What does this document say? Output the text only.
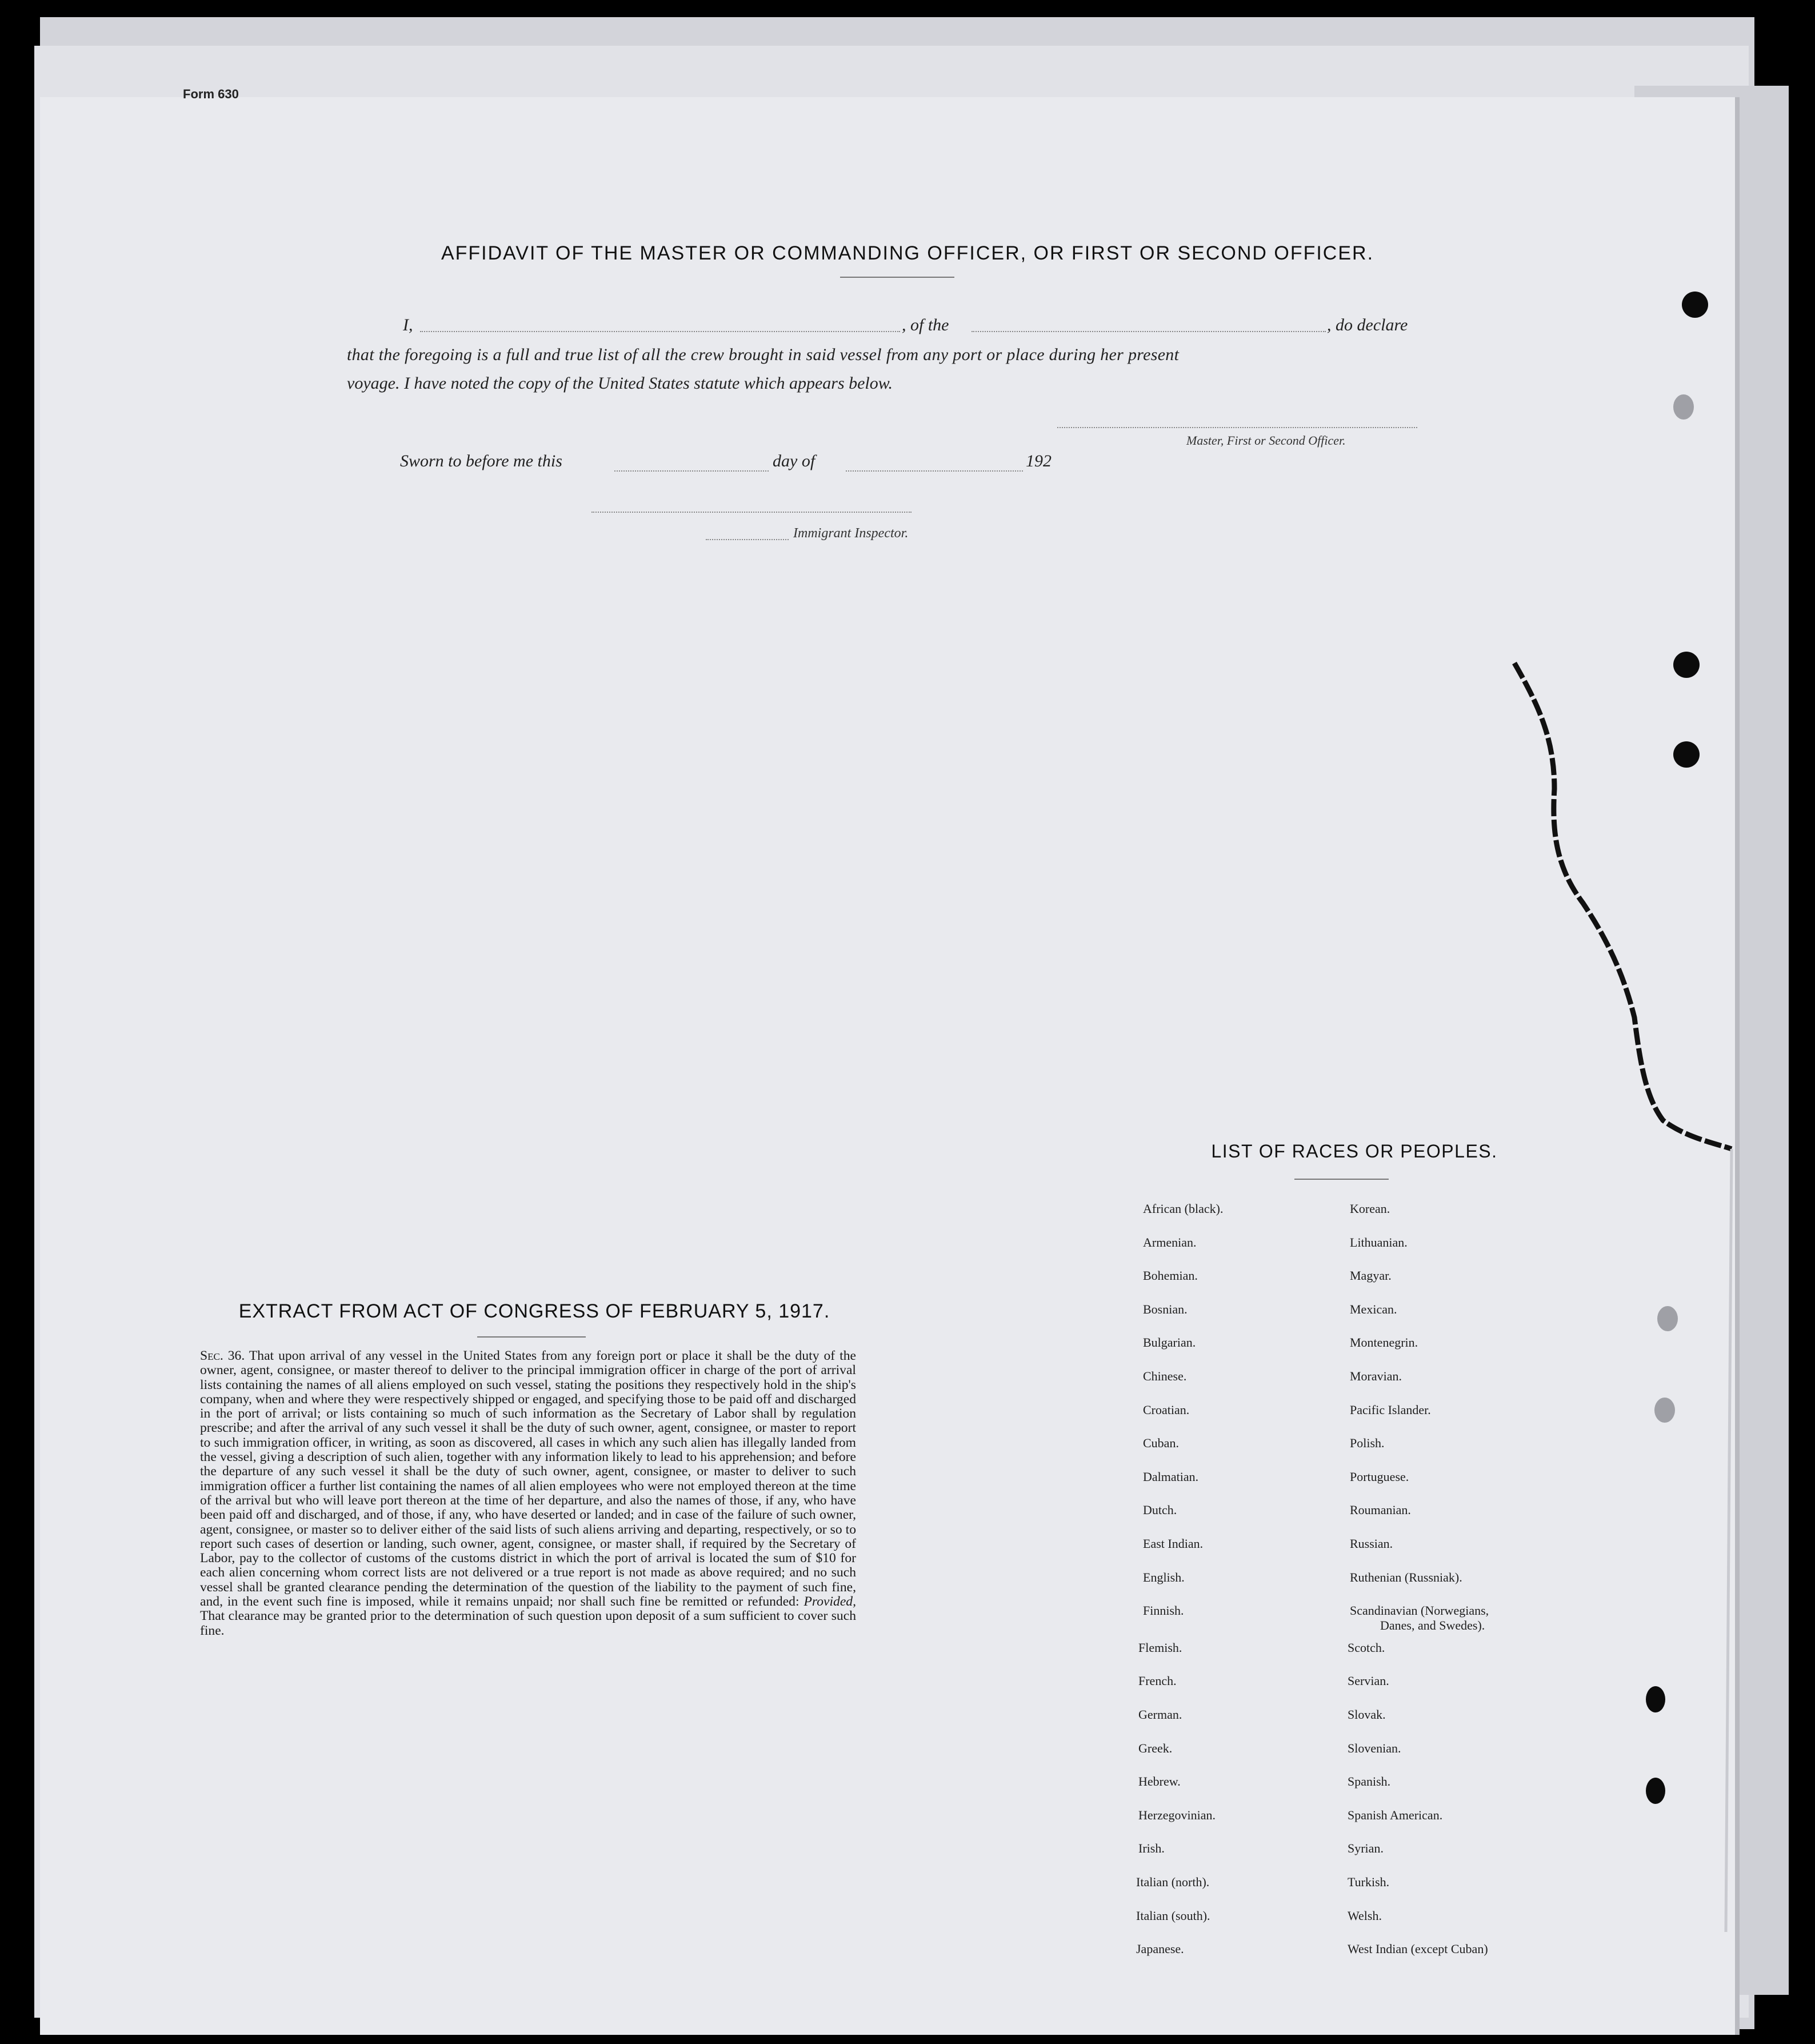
Form 630
AFFIDAVIT OF THE MASTER OR COMMANDING OFFICER, OR FIRST OR SECOND OFFICER.
I,	, of the	, do declare
that the foregoing is a full and true list of all the crew brought in said vessel from any port or place during her present
voyage. I have noted the copy of the United States statute which appears below.
Master, First or Second Officer.
Sworn to before me this	day of	192
Immigrant Inspector.
EXTRACT FROM ACT OF CONGRESS OF FEBRUARY 5, 1917.
Sec. 36. That upon arrival of any vessel in the United States from any foreign port or place it shall be the duty of the owner, agent, consignee, or master thereof to deliver to the principal immigration officer in charge of the port of arrival lists containing the names of all aliens employed on such vessel, stating the positions they respectively hold in the ship's company, when and where they were respectively shipped or engaged, and specifying those to be paid off and discharged in the port of arrival; or lists containing so much of such information as the Secretary of Labor shall by regulation prescribe; and after the arrival of any such vessel it shall be the duty of such owner, agent, consignee, or master to report to such immigration officer, in writing, as soon as discovered, all cases in which any such alien has illegally landed from the vessel, giving a description of such alien, together with any information likely to lead to his apprehension; and before the departure of any such vessel it shall be the duty of such owner, agent, consignee, or master to deliver to such immigration officer a further list containing the names of all alien employees who were not employed thereon at the time of the arrival but who will leave port thereon at the time of her departure, and also the names of those, if any, who have been paid off and discharged, and of those, if any, who have deserted or landed; and in case of the failure of such owner, agent, consignee, or master so to deliver either of the said lists of such aliens arriving and departing, respectively, or so to report such cases of desertion or landing, such owner, agent, consignee, or master shall, if required by the Secretary of Labor, pay to the collector of customs of the customs district in which the port of arrival is located the sum of $10 for each alien concerning whom correct lists are not delivered or a true report is not made as above required; and no such vessel shall be granted clearance pending the determination of the question of the liability to the payment of such fine, and, in the event such fine is imposed, while it remains unpaid; nor shall such fine be remitted or refunded: Provided, That clearance may be granted prior to the determination of such question upon deposit of a sum sufficient to cover such fine.
LIST OF RACES OR PEOPLES.
African (black).
Armenian.
Bohemian.
Bosnian.
Bulgarian.
Chinese.
Croatian.
Cuban.
Dalmatian.
Dutch.
East Indian.
English.
Finnish.
Flemish.
French.
German.
Greek.
Hebrew.
Herzegovinian.
Irish.
Italian (north).
Italian (south).
Japanese.
Korean.
Lithuanian.
Magyar.
Mexican.
Montenegrin.
Moravian.
Pacific Islander.
Polish.
Portuguese.
Roumanian.
Russian.
Ruthenian (Russniak).
Scandinavian (Norwegians,
Scotch.
Servian.
Slovak.
Slovenian.
Spanish.
Spanish American.
Syrian.
Turkish.
Welsh.
West Indian (except Cuban)
Danes, and Swedes).
